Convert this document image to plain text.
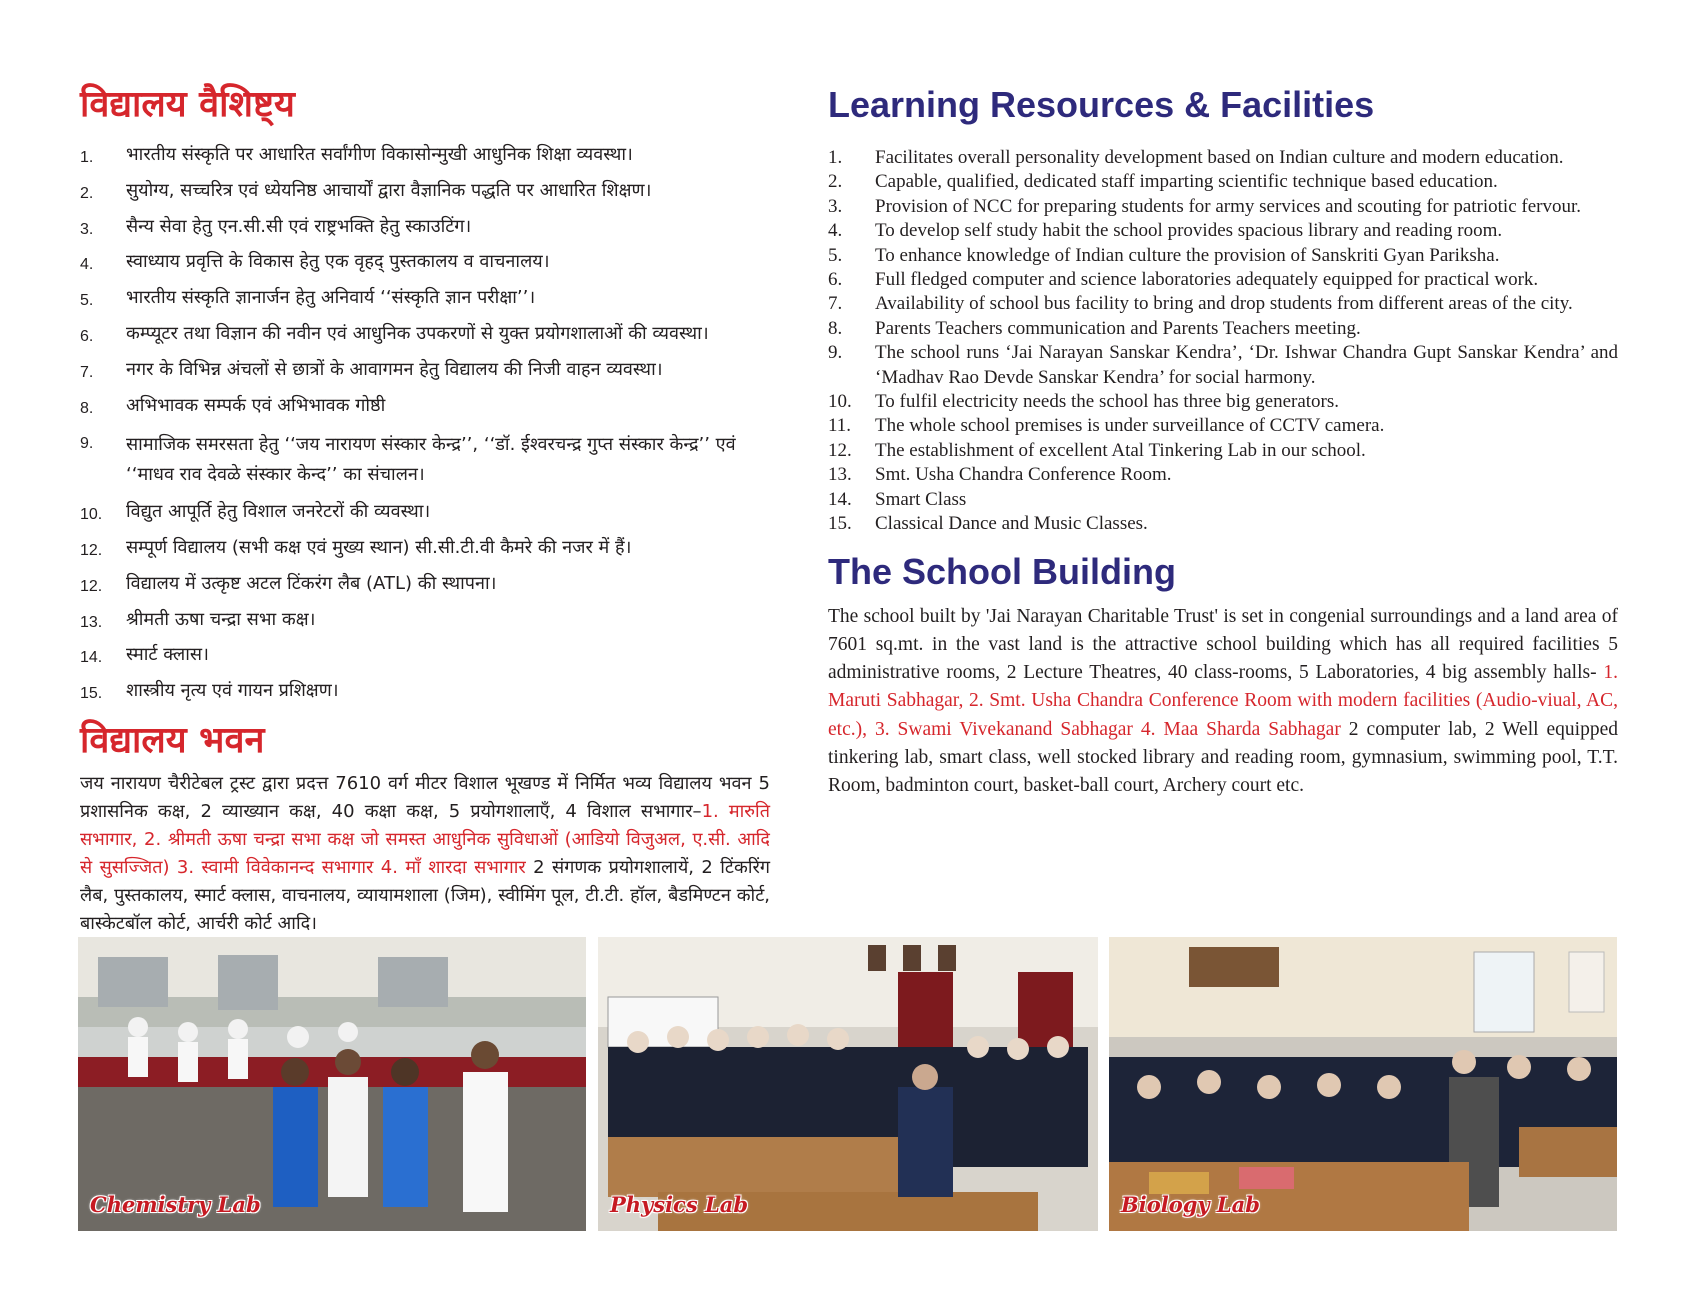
विद्यालय वैशिष्ट्य
1.	भारतीय संस्कृति पर आधारित सर्वांगीण विकासोन्मुखी आधुनिक शिक्षा व्यवस्था।
2.	सुयोग्य, सच्चरित्र एवं ध्येयनिष्ठ आचार्यों द्वारा वैज्ञानिक पद्धति पर आधारित शिक्षण।
3.	सैन्य सेवा हेतु एन.सी.सी एवं राष्ट्रभक्ति हेतु स्काउटिंग।
4.	स्वाध्याय प्रवृत्ति के विकास हेतु एक वृहद् पुस्तकालय व वाचनालय।
5.	भारतीय संस्कृति ज्ञानार्जन हेतु अनिवार्य ‘‘संस्कृति ज्ञान परीक्षा’’।
6.	कम्प्यूटर तथा विज्ञान की नवीन एवं आधुनिक उपकरणों से युक्त प्रयोगशालाओं की व्यवस्था।
7.	नगर के विभिन्न अंचलों से छात्रों के आवागमन हेतु विद्यालय की निजी वाहन व्यवस्था।
8.	अभिभावक सम्पर्क एवं अभिभावक गोष्ठी
9.	सामाजिक समरसता हेतु ‘‘जय नारायण संस्कार केन्द्र’’, ‘‘डॉ. ईश्वरचन्द्र गुप्त संस्कार केन्द्र’’ एवं ‘‘माधव राव देवळे संस्कार केन्द’’ का संचालन।
10.	विद्युत आपूर्ति हेतु विशाल जनरेटरों की व्यवस्था।
12.	सम्पूर्ण विद्यालय (सभी कक्ष एवं मुख्य स्थान) सी.सी.टी.वी कैमरे की नजर में हैं।
12.	विद्यालय में उत्कृष्ट अटल टिंकरंग लैब (ATL) की स्थापना।
13.	श्रीमती ऊषा चन्द्रा सभा कक्ष।
14.	स्मार्ट क्लास।
15.	शास्त्रीय नृत्य एवं गायन प्रशिक्षण।
विद्यालय भवन

जय नारायण चैरीटेबल ट्रस्ट द्वारा प्रदत्त 7610 वर्ग मीटर विशाल भूखण्ड में निर्मित भव्य विद्यालय भवन 5 प्रशासनिक कक्ष, 2 व्याख्यान कक्ष, 40 कक्षा कक्ष, 5 प्रयोगशालाएँ, 4 विशाल सभागार–1. मारुति सभागार, 2. श्रीमती ऊषा चन्द्रा सभा कक्ष जो समस्त आधुनिक सुविधाओं (आडियो विजुअल, ए.सी. आदि से सुसज्जित) 3. स्वामी विवेकानन्द सभागार 4. माँ शारदा सभागार 2 संगणक प्रयोगशालायें, 2 टिंकरिंग लैब, पुस्तकालय, स्मार्ट क्लास, वाचनालय, व्यायामशाला (जिम), स्वीमिंग पूल, टी.टी. हॉल, बैडमिण्टन कोर्ट, बास्केटबॉल कोर्ट, आर्चरी कोर्ट आदि।

Learning Resources & Facilities
1.	Facilitates overall personality development based on Indian culture and modern education.
2.	Capable, qualified, dedicated staff imparting scientific technique based education.
3.	Provision of NCC for preparing students for army services and scouting for patriotic fervour.
4.	To develop self study habit the school provides spacious library and reading room.
5.	To enhance knowledge of Indian culture the provision of Sanskriti Gyan Pariksha.
6.	Full fledged computer and science laboratories adequately equipped for practical work.
7.	Availability of school bus facility to bring and drop students from different areas of the city.
8.	Parents Teachers communication and Parents Teachers meeting.
9.	The school runs ‘Jai Narayan Sanskar Kendra’, ‘Dr. Ishwar Chandra Gupt Sanskar Kendra’ and ‘Madhav Rao Devde Sanskar Kendra’ for social harmony.
10.	To fulfil electricity needs the school has three big generators.
11.	The whole school premises is under surveillance of CCTV camera.
12.	The establishment of excellent Atal Tinkering Lab in our school.
13.	Smt. Usha Chandra Conference Room.
14.	Smart Class
15.	Classical Dance and Music Classes.
The School Building

The school built by 'Jai Narayan Charitable Trust' is set in congenial surroundings and a land area of 7601 sq.mt. in the vast land is the attractive school building which has all required facilities 5 administrative rooms, 2 Lecture Theatres, 40 class-rooms, 5 Laboratories, 4 big assembly halls- 1. Maruti Sabhagar, 2. Smt. Usha Chandra Conference Room with modern facilities (Audio-viual, AC, etc.), 3. Swami Vivekanand Sabhagar 4. Maa Sharda Sabhagar 2 computer lab, 2 Well equipped tinkering lab, smart class, well stocked library and reading room, gymnasium, swimming pool, T.T. Room, badminton court, basket-ball court, Archery court etc.

Chemistry Lab	Physics Lab	Biology Lab
